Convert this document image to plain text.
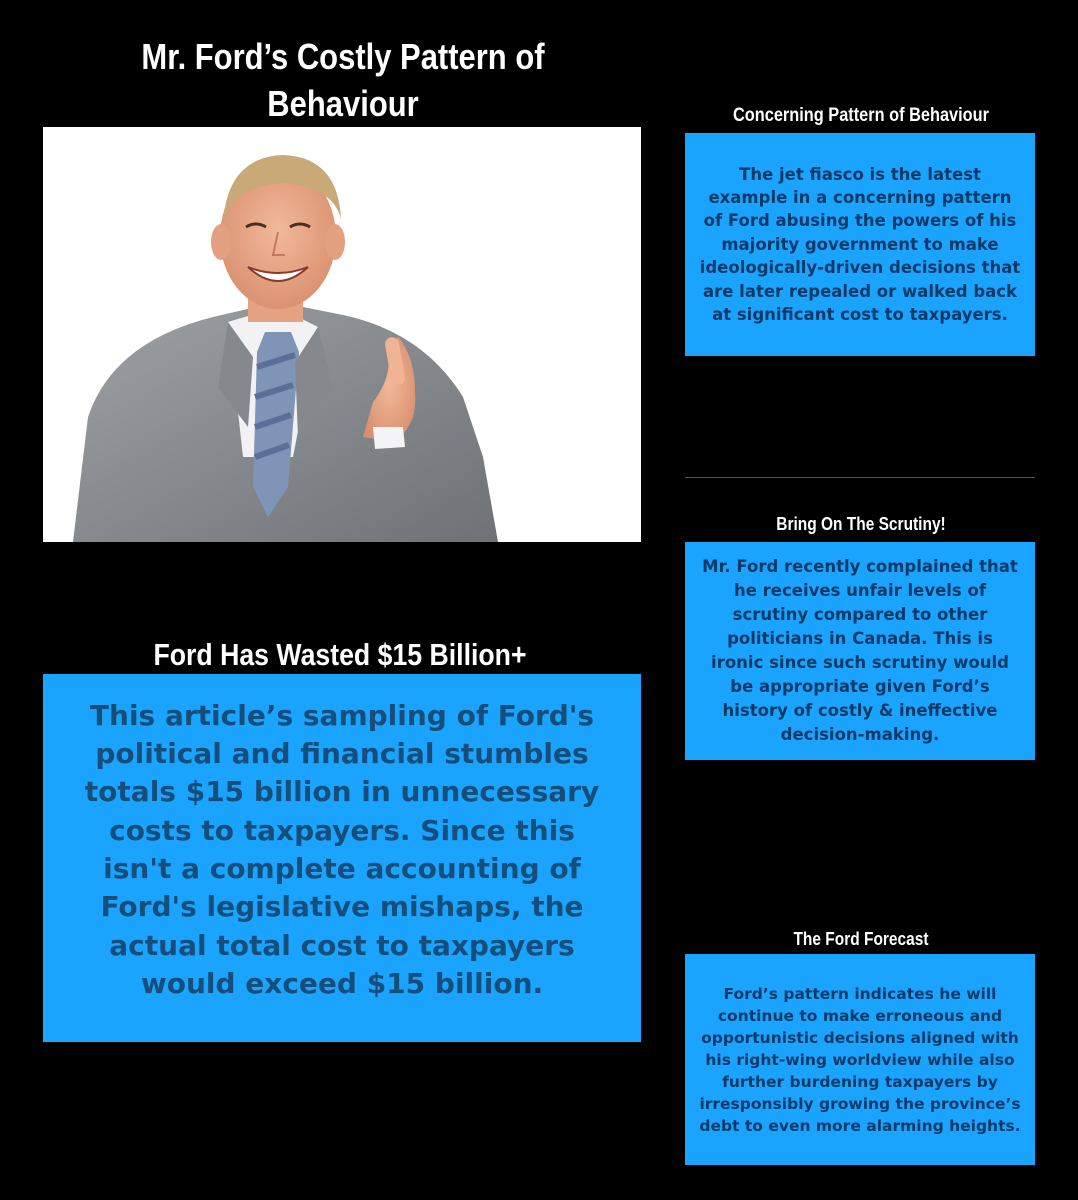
Mr. Ford’s Costly Pattern of Behaviour
Ford Has Wasted $15 Billion+

This article’s sampling of Ford's political and financial stumbles totals $15 billion in unnecessary costs to taxpayers. Since this isn't a complete accounting of Ford's legislative mishaps, the actual total cost to taxpayers would exceed $15 billion.

Concerning Pattern of Behaviour

The jet fiasco is the latest example in a concerning pattern of Ford abusing the powers of his majority government to make ideologically-driven decisions that are later repealed or walked back at significant cost to taxpayers.

Bring On The Scrutiny!

Mr. Ford recently complained that he receives unfair levels of scrutiny compared to other politicians in Canada. This is ironic since such scrutiny would be appropriate given Ford’s history of costly & ineffective decision-making.

The Ford Forecast

Ford’s pattern indicates he will continue to make erroneous and opportunistic decisions aligned with his right-wing worldview while also further burdening taxpayers by irresponsibly growing the province’s debt to even more alarming heights.
